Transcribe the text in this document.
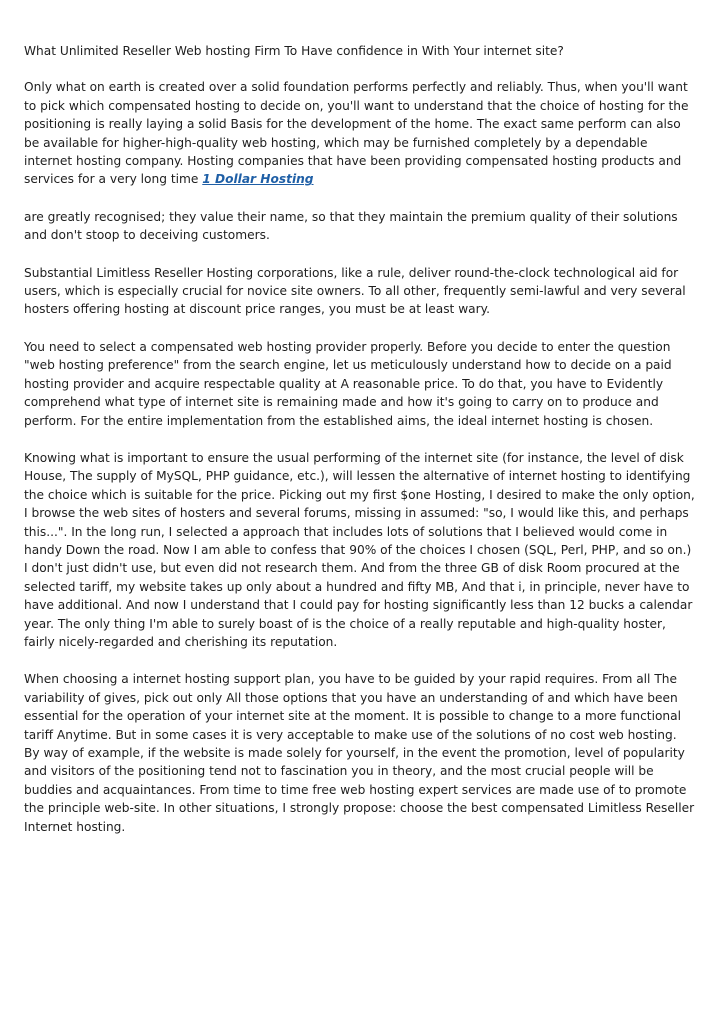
What Unlimited Reseller Web hosting Firm To Have confidence in With Your internet site?

Only what on earth is created over a solid foundation performs perfectly and reliably. Thus, when you'll want to pick which compensated hosting to decide on, you'll want to understand that the choice of hosting for the positioning is really laying a solid Basis for the development of the home. The exact same perform can also be available for higher-high-quality web hosting, which may be furnished completely by a dependable internet hosting company. Hosting companies that have been providing compensated hosting products and services for a very long time 1 Dollar Hosting

are greatly recognised; they value their name, so that they maintain the premium quality of their solutions and don't stoop to deceiving customers.

Substantial Limitless Reseller Hosting corporations, like a rule, deliver round-the-clock technological aid for users, which is especially crucial for novice site owners. To all other, frequently semi-lawful and very several hosters offering hosting at discount price ranges, you must be at least wary.

You need to select a compensated web hosting provider properly. Before you decide to enter the question "web hosting preference" from the search engine, let us meticulously understand how to decide on a paid hosting provider and acquire respectable quality at A reasonable price. To do that, you have to Evidently comprehend what type of internet site is remaining made and how it's going to carry on to produce and perform. For the entire implementation from the established aims, the ideal internet hosting is chosen.

Knowing what is important to ensure the usual performing of the internet site (for instance, the level of disk House, The supply of MySQL, PHP guidance, etc.), will lessen the alternative of internet hosting to identifying the choice which is suitable for the price. Picking out my first $one Hosting, I desired to make the only option, I browse the web sites of hosters and several forums, missing in assumed: "so, I would like this, and perhaps this...". In the long run, I selected a approach that includes lots of solutions that I believed would come in handy Down the road. Now I am able to confess that 90% of the choices I chosen (SQL, Perl, PHP, and so on.) I don't just didn't use, but even did not research them. And from the three GB of disk Room procured at the selected tariff, my website takes up only about a hundred and fifty MB, And that i, in principle, never have to have additional. And now I understand that I could pay for hosting significantly less than 12 bucks a calendar year. The only thing I'm able to surely boast of is the choice of a really reputable and high-quality hoster, fairly nicely-regarded and cherishing its reputation.

When choosing a internet hosting support plan, you have to be guided by your rapid requires. From all The variability of gives, pick out only All those options that you have an understanding of and which have been essential for the operation of your internet site at the moment. It is possible to change to a more functional tariff Anytime. But in some cases it is very acceptable to make use of the solutions of no cost web hosting. By way of example, if the website is made solely for yourself, in the event the promotion, level of popularity and visitors of the positioning tend not to fascination you in theory, and the most crucial people will be buddies and acquaintances. From time to time free web hosting expert services are made use of to promote the principle web-site. In other situations, I strongly propose: choose the best compensated Limitless Reseller Internet hosting.
